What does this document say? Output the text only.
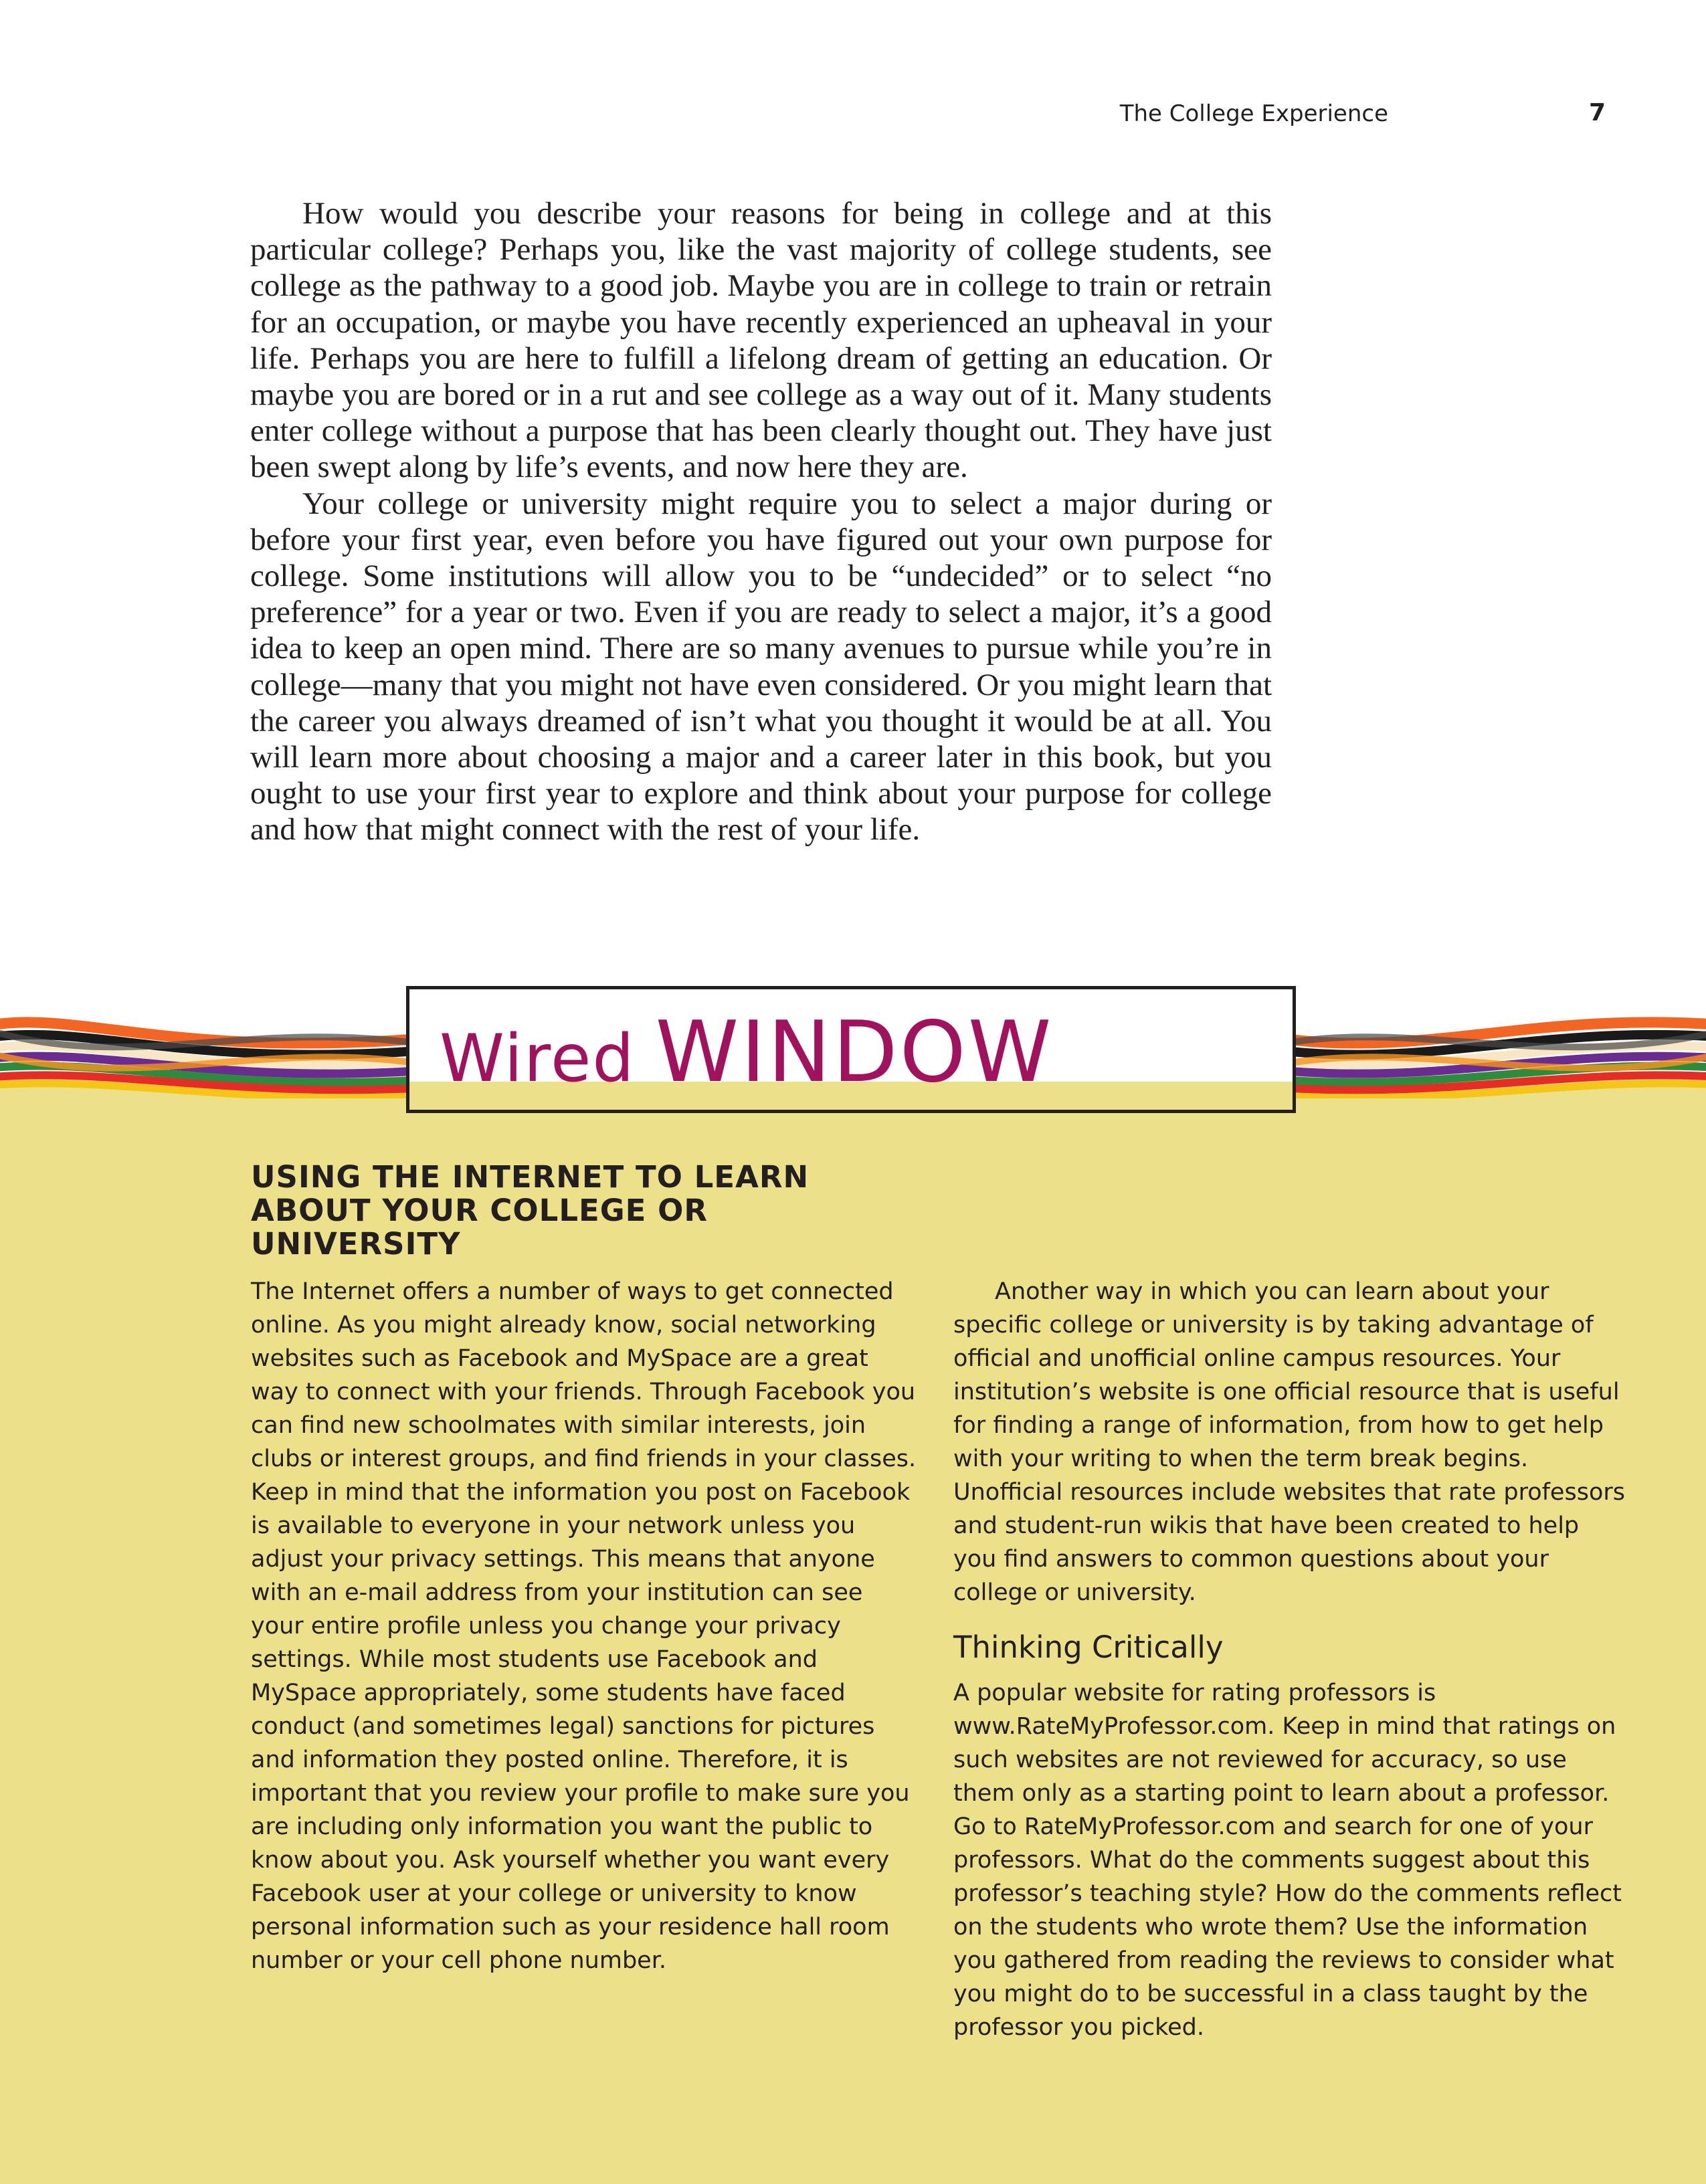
The College Experience	7

How would you describe your reasons for being in college and at this particular college? Perhaps you, like the vast majority of college students, see college as the pathway to a good job. Maybe you are in college to train or retrain for an occupation, or maybe you have recently experienced an upheaval in your life. Perhaps you are here to fulfill a lifelong dream of getting an education. Or maybe you are bored or in a rut and see college as a way out of it. Many students enter college without a purpose that has been clearly thought out. They have just been swept along by life’s events, and now here they are.

Your college or university might require you to select a major during or before your first year, even before you have figured out your own purpose for college. Some institutions will allow you to be “undecided” or to select “no preference” for a year or two. Even if you are ready to select a major, it’s a good idea to keep an open mind. There are so many avenues to pursue while you’re in college—many that you might not have even considered. Or you might learn that the career you always dreamed of isn’t what you thought it would be at all. You will learn more about choosing a major and a career later in this book, but you ought to use your first year to explore and think about your purpose for college and how that might connect with the rest of your life.

Wired WINDOW
USING THE INTERNET TO LEARN ABOUT YOUR COLLEGE OR UNIVERSITY

The Internet offers a number of ways to get connected online. As you might already know, social networking websites such as Facebook and MySpace are a great way to connect with your friends. Through Facebook you can find new schoolmates with similar interests, join clubs or interest groups, and find friends in your classes. Keep in mind that the information you post on Facebook is available to everyone in your network unless you adjust your privacy settings. This means that anyone with an e-mail address from your institution can see your entire profile unless you change your privacy settings. While most students use Facebook and MySpace appropriately, some students have faced conduct (and sometimes legal) sanctions for pictures and information they posted online. Therefore, it is important that you review your profile to make sure you are including only information you want the public to know about you. Ask yourself whether you want every Facebook user at your college or university to know personal information such as your residence hall room number or your cell phone number.

Another way in which you can learn about your specific college or university is by taking advantage of official and unofficial online campus resources. Your institution’s website is one official resource that is useful for finding a range of information, from how to get help with your writing to when the term break begins. Unofficial resources include websites that rate professors and student-run wikis that have been created to help you find answers to common questions about your college or university.

Thinking Critically

A popular website for rating professors is www.RateMyProfessor.com. Keep in mind that ratings on such websites are not reviewed for accuracy, so use them only as a starting point to learn about a professor. Go to RateMyProfessor.com and search for one of your professors. What do the comments suggest about this professor’s teaching style? How do the comments reflect on the students who wrote them? Use the information you gathered from reading the reviews to consider what you might do to be successful in a class taught by the professor you picked.
